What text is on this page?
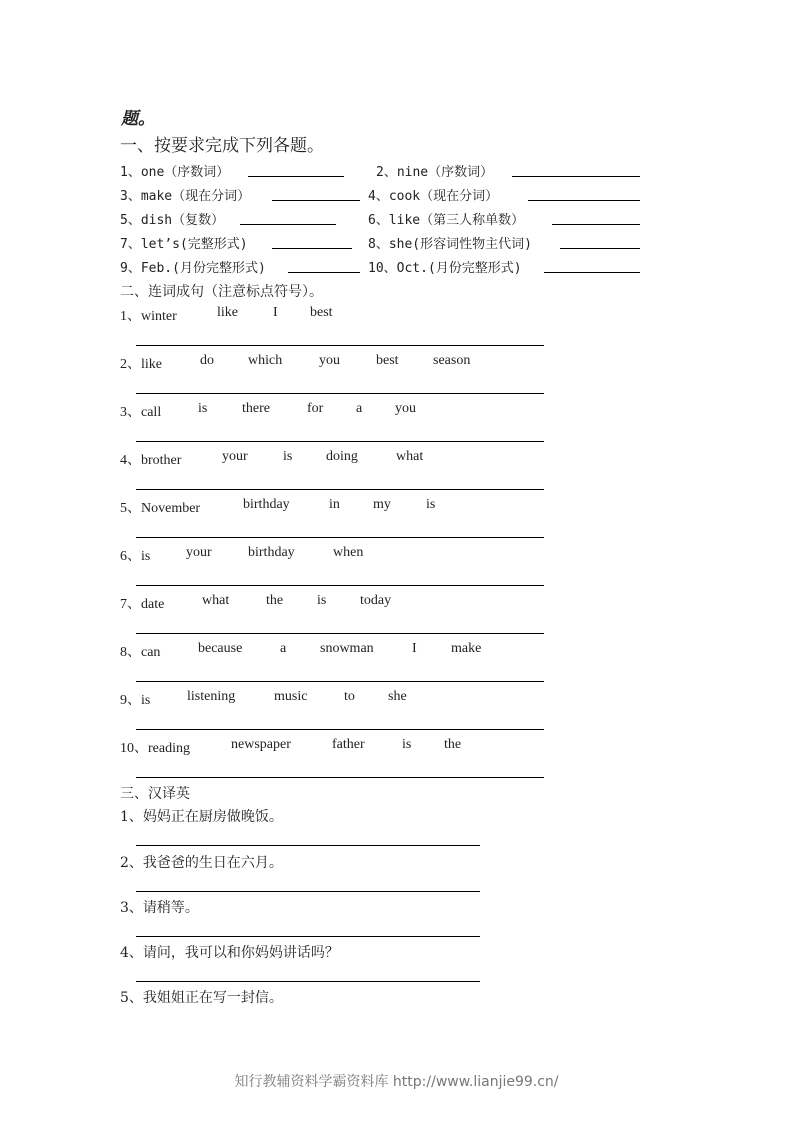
题。
一、按要求完成下列各题。
1、one（序数词）	2、nine（序数词）
3、make（现在分词）	4、cook（现在分词）
5、dish（复数）	6、like（第三人称单数）
7、let’s(完整形式)	8、she(形容词性物主代词)
9、Feb.(月份完整形式)	10、Oct.(月份完整形式)
二、连词成句（注意标点符号）。
1、winter	like	I best
2、like	do which	you	best season
3、call	is there	for a you
4、brother	your	is doing	what
5、November	birthday	in my	is
6、is	your	birthday	when
7、date	what	the is today
8、can	because	a snowman	I make
9、is	listening	music	to she
10、reading	newspaper	father	is the
三、汉译英
1、妈妈正在厨房做晚饭。
2、我爸爸的生日在六月。
3、请稍等。
4、请问，我可以和你妈妈讲话吗？
5、我姐姐正在写一封信。
知行教辅资料学霸资料库 http://www.lianjie99.cn/
